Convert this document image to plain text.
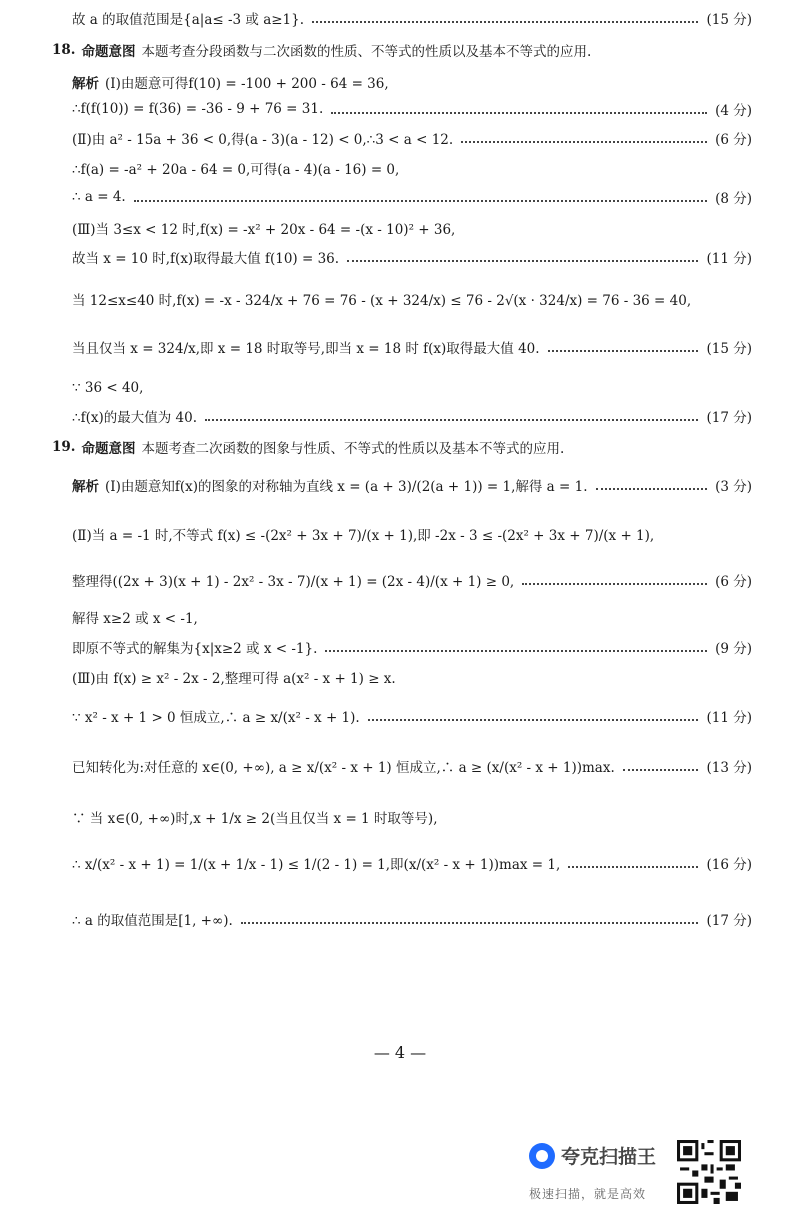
故 a 的取值范围是{a|a≤ -3 或 a≥1}.	(15 分)
18. 命题意图 本题考查分段函数与二次函数的性质、不等式的性质以及基本不等式的应用.
解析 (Ⅰ)由题意可得f(10) = -100 + 200 - 64 = 36,
∴f(f(10)) = f(36) = -36 - 9 + 76 = 31.	(4 分)
(Ⅱ)由 a² - 15a + 36 < 0,得(a - 3)(a - 12) < 0,∴3 < a < 12.	(6 分)
∴f(a) = -a² + 20a - 64 = 0,可得(a - 4)(a - 16) = 0,
∴ a = 4.	(8 分)
(Ⅲ)当 3≤x < 12 时,f(x) = -x² + 20x - 64 = -(x - 10)² + 36,
故当 x = 10 时,f(x)取得最大值 f(10) = 36.	(11 分)
当 12≤x≤40 时,f(x) = -x - 324/x + 76 = 76 - (x + 324/x) ≤ 76 - 2√(x · 324/x) = 76 - 36 = 40,
当且仅当 x = 324/x,即 x = 18 时取等号,即当 x = 18 时 f(x)取得最大值 40.	(15 分)
∵ 36 < 40,
∴f(x)的最大值为 40.	(17 分)
19. 命题意图 本题考查二次函数的图象与性质、不等式的性质以及基本不等式的应用.
解析 (Ⅰ)由题意知f(x)的图象的对称轴为直线 x = (a + 3)/(2(a + 1)) = 1,解得 a = 1.	(3 分)
(Ⅱ)当 a = -1 时,不等式 f(x) ≤ -(2x² + 3x + 7)/(x + 1),即 -2x - 3 ≤ -(2x² + 3x + 7)/(x + 1),
整理得((2x + 3)(x + 1) - 2x² - 3x - 7)/(x + 1) = (2x - 4)/(x + 1) ≥ 0,	(6 分)
解得 x≥2 或 x < -1,
即原不等式的解集为{x|x≥2 或 x < -1}.	(9 分)
(Ⅲ)由 f(x) ≥ x² - 2x - 2,整理可得 a(x² - x + 1) ≥ x.
∵ x² - x + 1 > 0 恒成立,∴ a ≥ x/(x² - x + 1).	(11 分)
已知转化为:对任意的 x∈(0, +∞), a ≥ x/(x² - x + 1) 恒成立,∴ a ≥ (x/(x² - x + 1))max.	(13 分)
∵ 当 x∈(0, +∞)时,x + 1/x ≥ 2(当且仅当 x = 1 时取等号),
∴ x/(x² - x + 1) = 1/(x + 1/x - 1) ≤ 1/(2 - 1) = 1,即(x/(x² - x + 1))max = 1,	(16 分)
∴ a 的取值范围是[1, +∞).	(17 分)
— 4 —
夸克扫描王
极速扫描，就是高效
